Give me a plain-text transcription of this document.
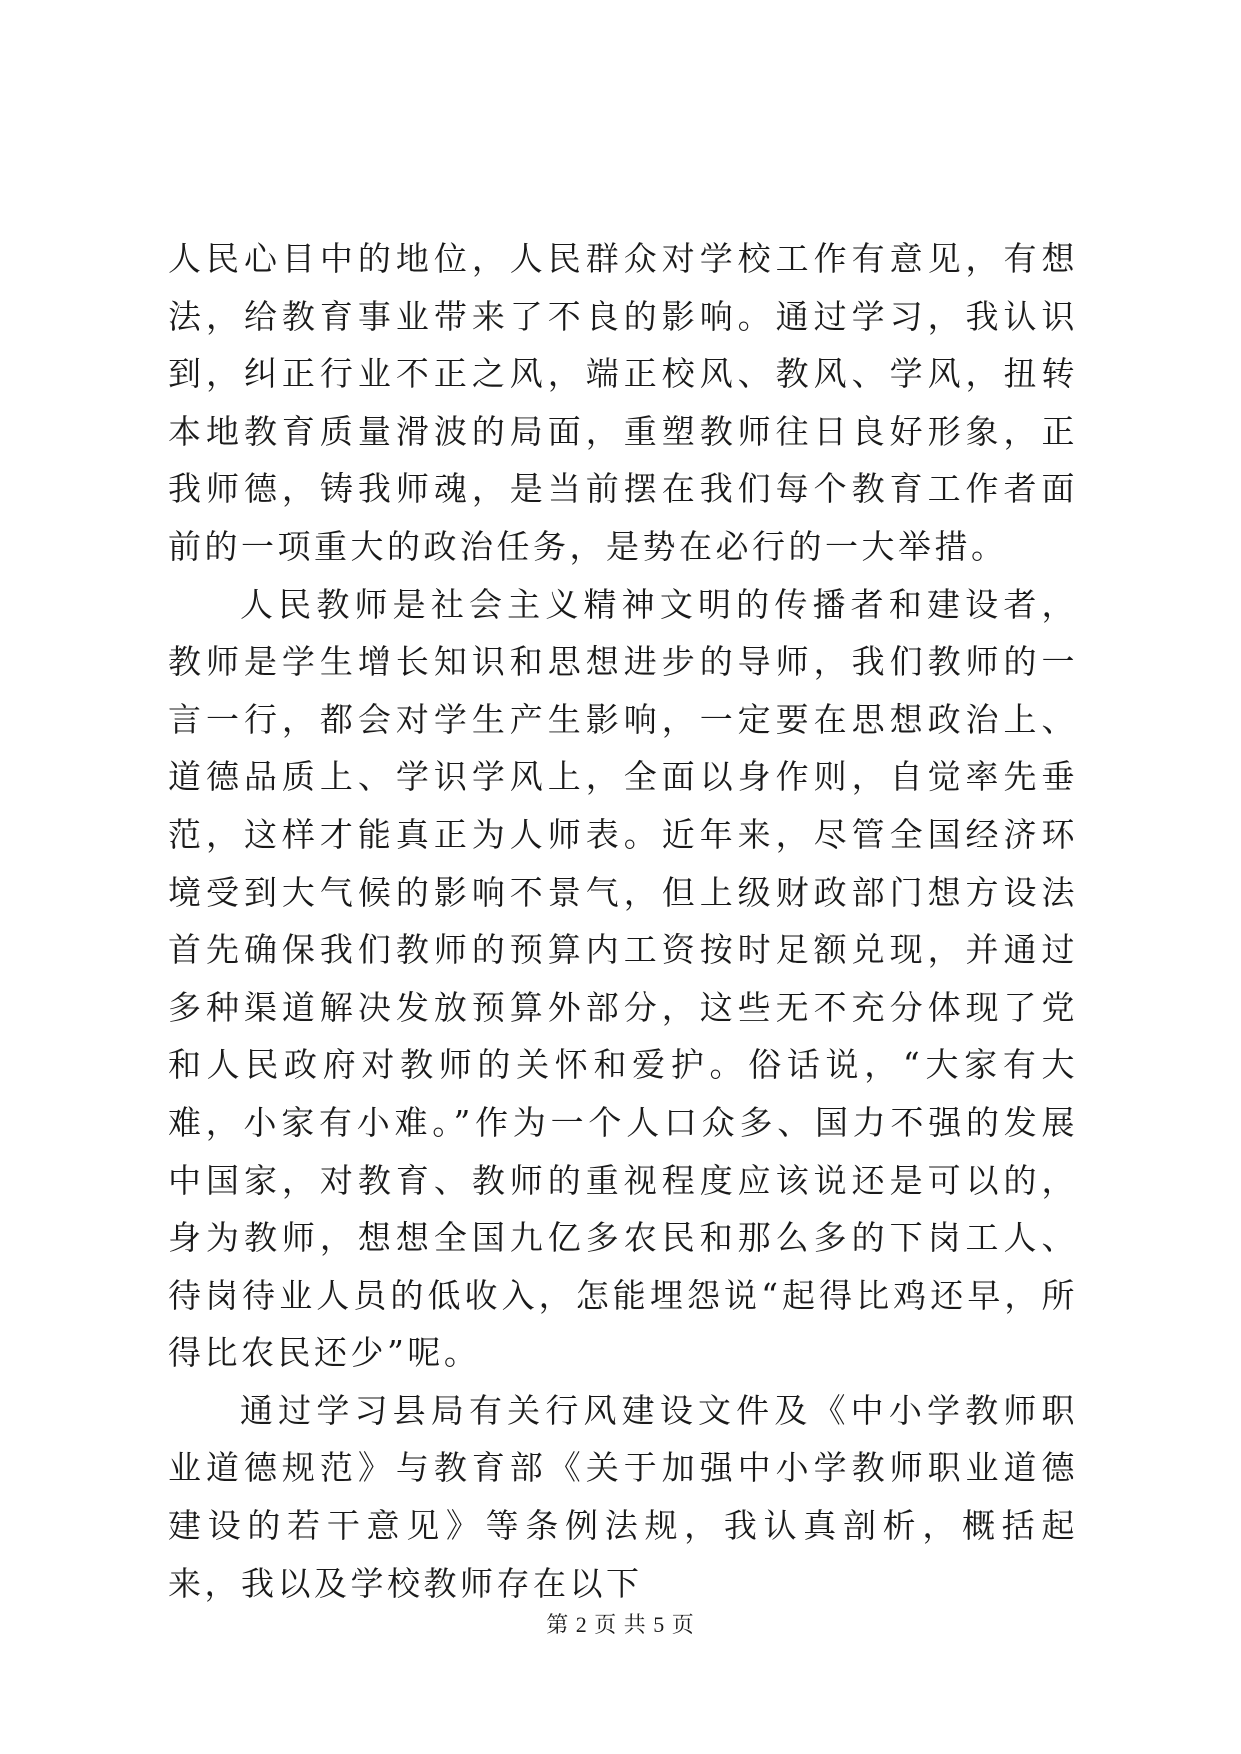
人民心目中的地位，人民群众对学校工作有意见，有想法，给教育事业带来了不良的影响。通过学习，我认识到，纠正行业不正之风，端正校风、教风、学风，扭转本地教育质量滑波的局面，重塑教师往日良好形象，正我师德，铸我师魂，是当前摆在我们每个教育工作者面前的一项重大的政治任务，是势在必行的一大举措。

人民教师是社会主义精神文明的传播者和建设者，教师是学生增长知识和思想进步的导师，我们教师的一言一行，都会对学生产生影响，一定要在思想政治上、道德品质上、学识学风上，全面以身作则，自觉率先垂范，这样才能真正为人师表。近年来，尽管全国经济环境受到大气候的影响不景气，但上级财政部门想方设法首先确保我们教师的预算内工资按时足额兑现，并通过多种渠道解决发放预算外部分，这些无不充分体现了党和人民政府对教师的关怀和爱护。俗话说，“大家有大难，小家有小难。”作为一个人口众多、国力不强的发展中国家，对教育、教师的重视程度应该说还是可以的，身为教师，想想全国九亿多农民和那么多的下岗工人、待岗待业人员的低收入，怎能埋怨说“起得比鸡还早，所得比农民还少”呢。

通过学习县局有关行风建设文件及《中小学教师职业道德规范》与教育部《关于加强中小学教师职业道德建设的若干意见》等条例法规，我认真剖析，概括起来，我以及学校教师存在以下

第 2 页 共 5 页
